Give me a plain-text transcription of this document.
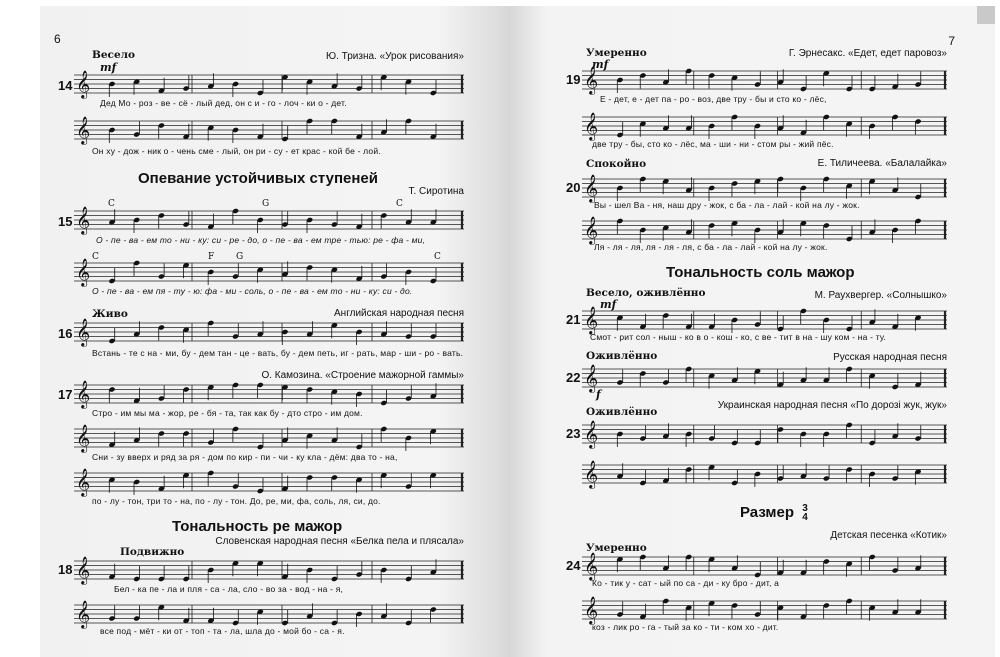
6
Весело
mf
Ю. Тризна. «Урок рисования»
14 𝄞
Дед Мо - роз - ве - сё - лый дед, он с и - го - лоч - ки о - дет.
𝄞
Он ху - дож - ник о - чень сме - лый, он ри - су - ет крас - кой бе - лой.
Опевание устойчивых ступеней
Т. Сиротина
C	G	C
15 𝄞
О - пе - ва - ем то - ни - ку: си - ре - до, о - пе - ва - ем тре - тью: ре - фа - ми,
C	F G	C
𝄞
О - пе - ва - ем пя - ту - ю: фа - ми - соль, о - пе - ва - ем то - ни - ку: си - до.
Живо	Английская народная песня
16 𝄞
Встань - те с на - ми, бу - дем тан - це - вать, бу - дем петь, иг - рать, мар - ши - ро - вать.
О. Камозина. «Строение мажорной гаммы»
17 𝄞
Стро - им мы ма - жор, ре - бя - та, так как бу - дто стро - им дом.
𝄞
Сни - зу вверх и ряд за ря - дом по кир - пи - чи - ку кла - дём: два то - на,
𝄞
по - лу - тон, три то - на, по - лу - тон. До, ре, ми, фа, соль, ля, си, до.
Тональность ре мажор
Подвижно
Словенская народная песня «Белка пела и плясала»
18 𝄞
Бел - ка пе - ла и пля - са - ла, сло - во за - вод - на - я,
𝄞
все под - мёт - ки от - топ - та - ла, шла до - мой бо - са - я.
7
Умеренно
mf
Г. Эрнесакс. «Едет, едет паровоз»
19 𝄞
Е - дет, е - дет па - ро - воз, две тру - бы и сто ко - лёс,
𝄞
две тру - бы, сто ко - лёс, ма - ши - ни - стом ры - жий пёс.
Спокойно	Е. Тиличеева. «Балалайка»
20 𝄞
Вы - шел Ва - ня, наш дру - жок, с ба - ла - лай - кой на лу - жок.
𝄞
Ля - ля - ля, ля - ля - ля, с ба - ла - лай - кой на лу - жок.
Тональность соль мажор
Весело, оживлённо
mf
М. Раухвергер. «Солнышко»
21 𝄞
Смот - рит сол - ныш - ко в о - кош - ко, с ве - тит в на - шу ком - на - ту.
Оживлённо	Русская народная песня
22 𝄞
f
Оживлённо
Украинская народная песня «По дорозі жук, жук»
23 𝄞
𝄞
Размер 3
4
Умеренно
Детская песенка «Котик»
24 𝄞
Ко - тик у - сат - ый по са - ди - ку бро - дит, а
𝄞
коз - лик ро - га - тый за ко - ти - ком хо - дит.
